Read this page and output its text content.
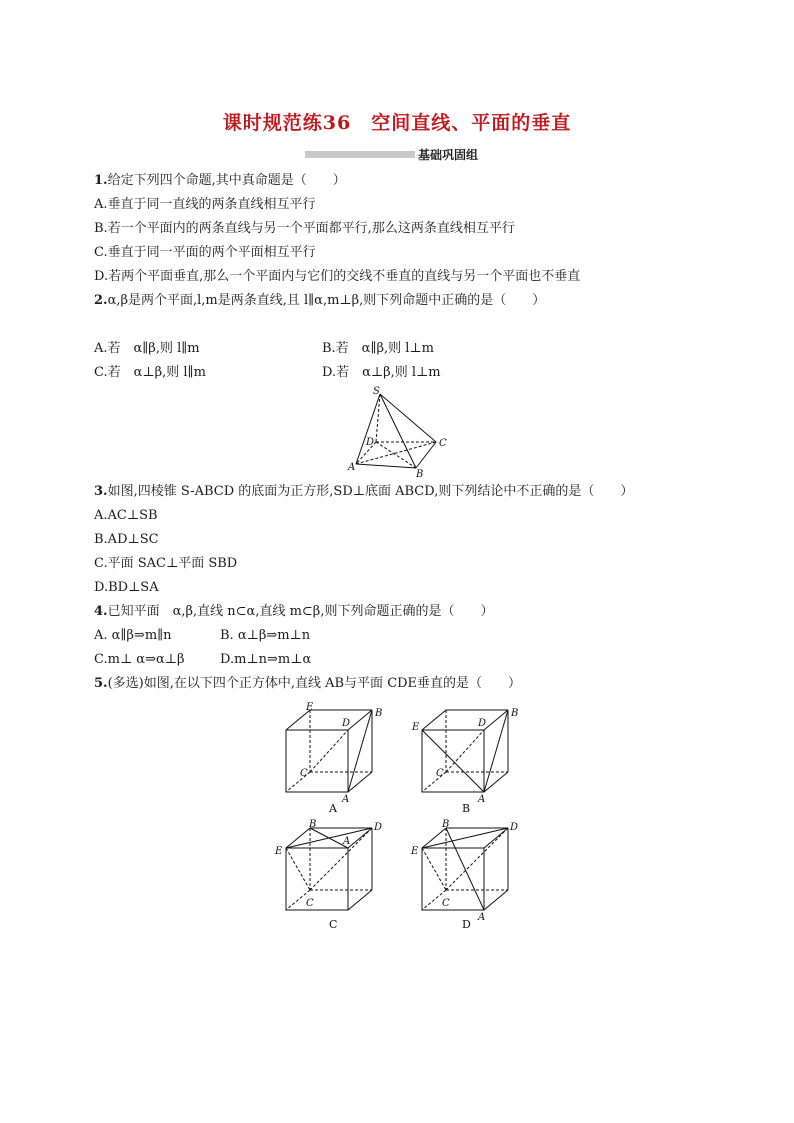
课时规范练36　空间直线、平面的垂直
基础巩固组
1.给定下列四个命题,其中真命题是（　　）
A.垂直于同一直线的两条直线相互平行
B.若一个平面内的两条直线与另一个平面都平行,那么这两条直线相互平行
C.垂直于同一平面的两个平面相互平行
D.若两个平面垂直,那么一个平面内与它们的交线不垂直的直线与另一个平面也不垂直
2.α,β是两个平面,l,m是两条直线,且 l∥α,m⊥β,则下列命题中正确的是（　　）
A.若　α∥β,则 l∥m	B.若　α∥β,则 l⊥m
C.若　α⊥β,则 l∥m	D.若　α⊥β,则 l⊥m
S
D	C
A
B
3.如图,四棱锥 S-ABCD 的底面为正方形,SD⊥底面 ABCD,则下列结论中不正确的是（　　）
A.AC⊥SB
B.AD⊥SC
C.平面 SAC⊥平面 SBD
D.BD⊥SA
4.已知平面　α,β,直线 n⊂α,直线 m⊂β,则下列命题正确的是（　　）
A. α∥β⇒m∥n	B. α⊥β⇒m⊥n
C.m⊥ α⇒α⊥β	D.m⊥n⇒m⊥α
5.(多选)如图,在以下四个正方体中,直线 AB与平面 CDE垂直的是（　　）
E
D
B
C
A
A
E	D
B
C
A
B
B
A
D
E
C
C
B	D
E
C
A
D
